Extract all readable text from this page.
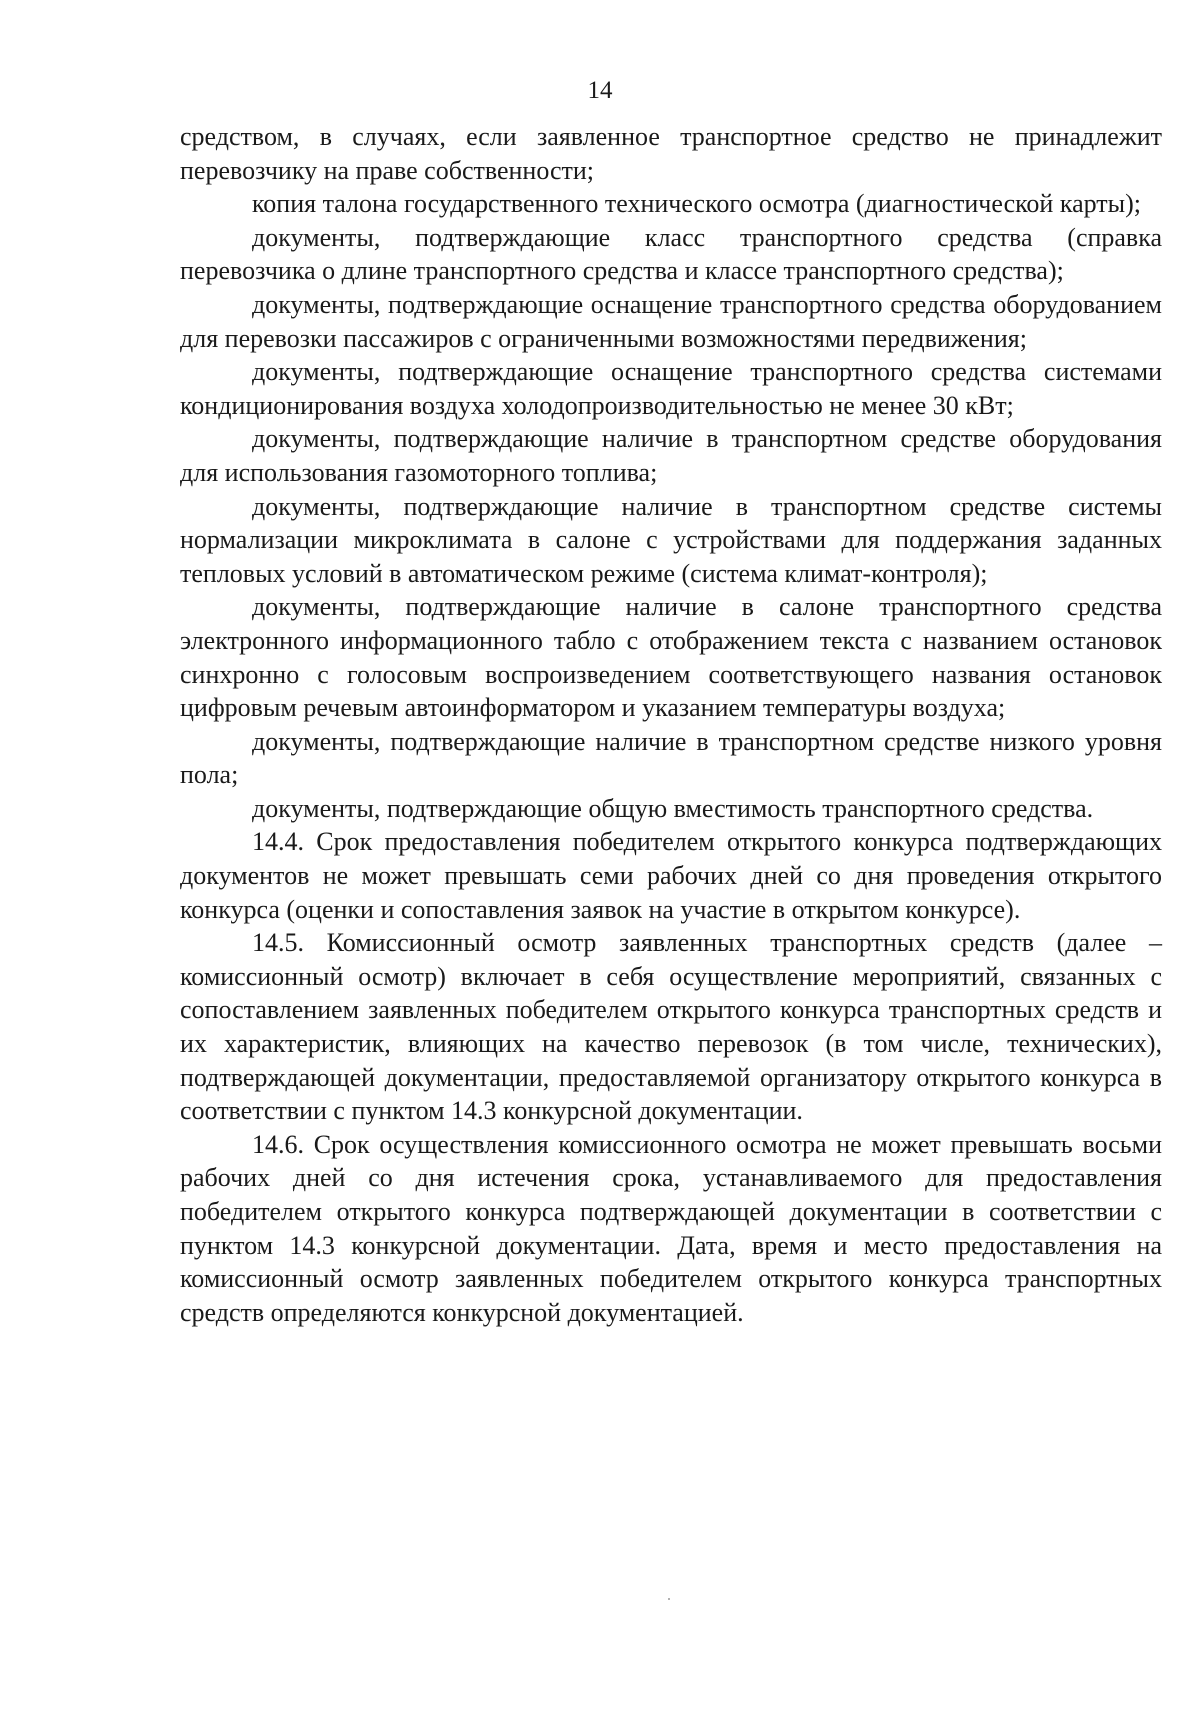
14

средством, в случаях, если заявленное транспортное средство не принадлежит перевозчику на праве собственности;

копия талона государственного технического осмотра (диагностической карты);

документы, подтверждающие класс транспортного средства (справка перевозчика о длине транспортного средства и классе транспортного средства);

документы, подтверждающие оснащение транспортного средства оборудованием для перевозки пассажиров с ограниченными возможностями передвижения;

документы, подтверждающие оснащение транспортного средства системами кондиционирования воздуха холодопроизводительностью не менее 30 кВт;

документы, подтверждающие наличие в транспортном средстве оборудования для использования газомоторного топлива;

документы, подтверждающие наличие в транспортном средстве системы нормализации микроклимата в салоне с устройствами для поддержания заданных тепловых условий в автоматическом режиме (система климат-контроля);

документы, подтверждающие наличие в салоне транспортного средства электронного информационного табло с отображением текста с названием остановок синхронно с голосовым воспроизведением соответствующего названия остановок цифровым речевым автоинформатором и указанием температуры воздуха;

документы, подтверждающие наличие в транспортном средстве низкого уровня пола;

документы, подтверждающие общую вместимость транспортного средства.

14.4. Срок предоставления победителем открытого конкурса подтверждающих документов не может превышать семи рабочих дней со дня проведения открытого конкурса (оценки и сопоставления заявок на участие в открытом конкурсе).

14.5. Комиссионный осмотр заявленных транспортных средств (далее – комиссионный осмотр) включает в себя осуществление мероприятий, связанных с сопоставлением заявленных победителем открытого конкурса транспортных средств и их характеристик, влияющих на качество перевозок (в том числе, технических), подтверждающей документации, предоставляемой организатору открытого конкурса в соответствии с пунктом 14.3 конкурсной документации.

14.6. Срок осуществления комиссионного осмотра не может превышать восьми рабочих дней со дня истечения срока, устанавливаемого для предоставления победителем открытого конкурса подтверждающей документации в соответствии с пунктом 14.3 конкурсной документации. Дата, время и место предоставления на комиссионный осмотр заявленных победителем открытого конкурса транспортных средств определяются конкурсной документацией.
